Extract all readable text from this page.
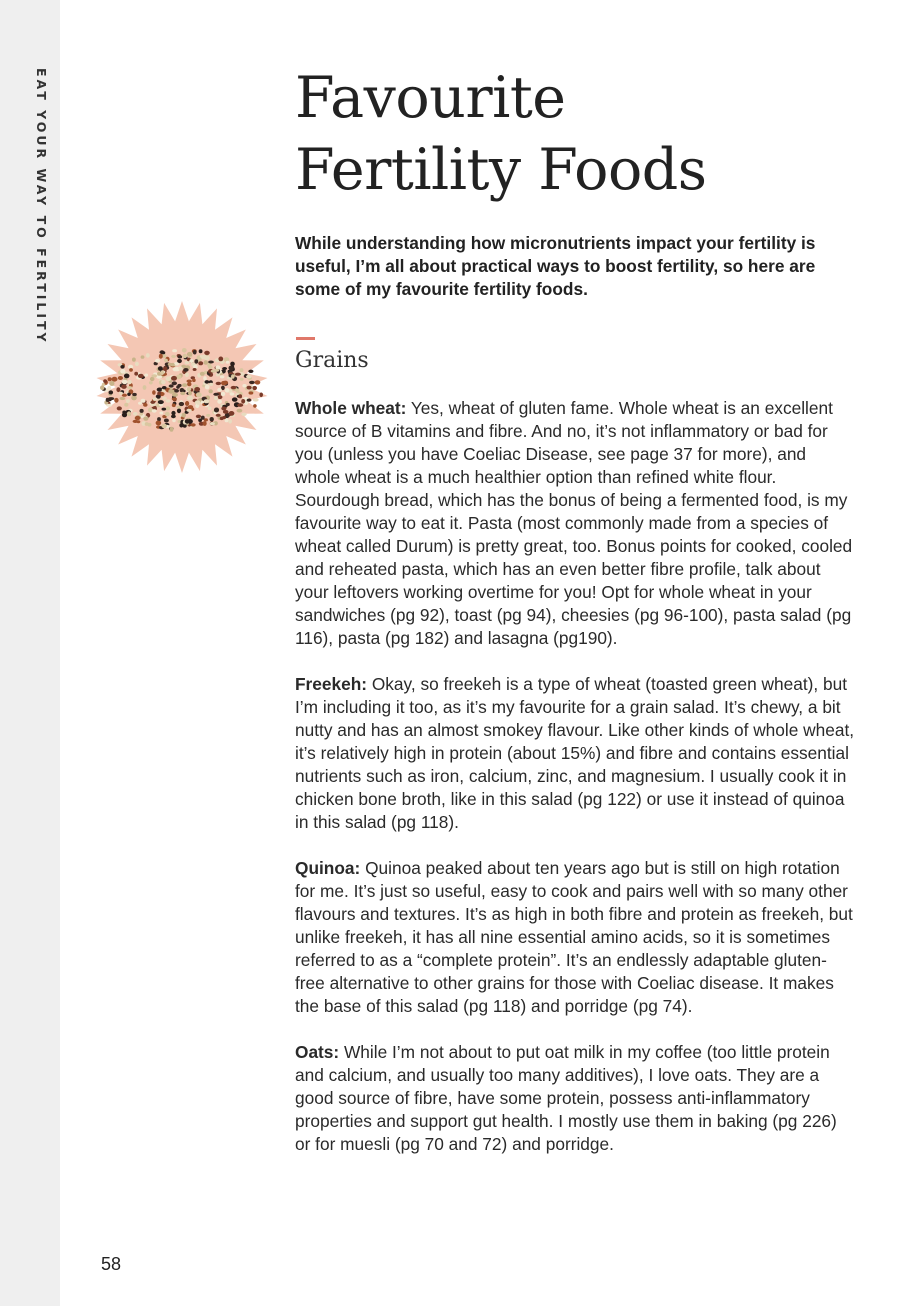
EAT YOUR WAY TO FERTILITY
58
Favourite
Fertility Foods

While understanding how micronutrients impact your fertility is useful, I’m all about practical ways to boost fertility, so here are some of my favourite fertility foods.

Grains

Whole wheat: Yes, wheat of gluten fame. Whole wheat is an excellent source of B vitamins and fibre. And no, it’s not inflammatory or bad for you (unless you have Coeliac Disease, see page 37 for more), and whole wheat is a much healthier option than refined white flour. Sourdough bread, which has the bonus of being a fermented food, is my favourite way to eat it. Pasta (most commonly made from a species of wheat called Durum) is pretty great, too. Bonus points for cooked, cooled and reheated pasta, which has an even better fibre profile, talk about your leftovers working overtime for you! Opt for whole wheat in your sandwiches (pg 92), toast (pg 94), cheesies (pg 96-100), pasta salad (pg 116), pasta (pg 182) and lasagna (pg190).

Freekeh: Okay, so freekeh is a type of wheat (toasted green wheat), but I’m including it too, as it’s my favourite for a grain salad. It’s chewy, a bit nutty and has an almost smokey flavour. Like other kinds of whole wheat, it’s relatively high in protein (about 15%) and fibre and contains essential nutrients such as iron, calcium, zinc, and magnesium. I usually cook it in chicken bone broth, like in this salad (pg 122) or use it instead of quinoa in this salad (pg 118).

Quinoa: Quinoa peaked about ten years ago but is still on high rotation for me. It’s just so useful, easy to cook and pairs well with so many other flavours and textures. It’s as high in both fibre and protein as freekeh, but unlike freekeh, it has all nine essential amino acids, so it is sometimes referred to as a “complete protein”. It’s an endlessly adaptable gluten-free alternative to other grains for those with Coeliac disease. It makes the base of this salad (pg 118) and porridge (pg 74).

Oats: While I’m not about to put oat milk in my coffee (too little protein and calcium, and usually too many additives), I love oats. They are a good source of fibre, have some protein, possess anti-inflammatory properties and support gut health. I mostly use them in baking (pg 226) or for muesli (pg 70 and 72) and porridge.
